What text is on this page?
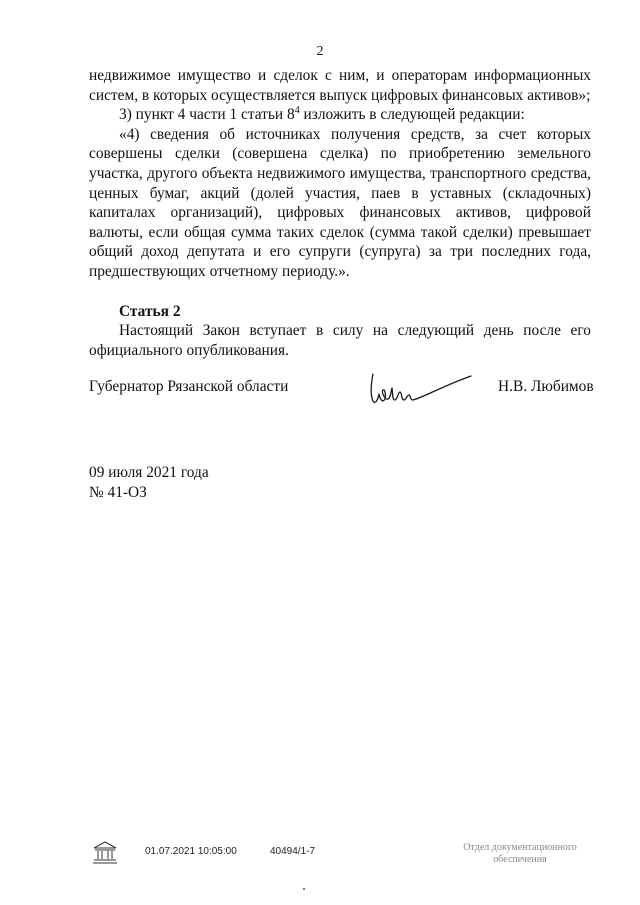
2

недвижимое имущество и сделок с ним, и операторам информационных систем, в которых осуществляется выпуск цифровых финансовых активов»;

3) пункт 4 части 1 статьи $8^4$ изложить в следующей редакции:

«4) сведения об источниках получения средств, за счет которых совершены сделки (совершена сделка) по приобретению земельного участка, другого объекта недвижимого имущества, транспортного средства, ценных бумаг, акций (долей участия, паев в уставных (складочных) капиталах организаций), цифровых финансовых активов, цифровой валюты, если общая сумма таких сделок (сумма такой сделки) превышает общий доход депутата и его супруги (супруга) за три последних года, предшествующих отчетному периоду.».

Статья 2

Настоящий Закон вступает в силу на следующий день после его официального опубликования.

Губернатор Рязанской области	Н.В. Любимов
09 июля 2021 года
№ 41-ОЗ
01.07.2021 10:05:00	40494/1-7	Отдел документационного
обеспечения
